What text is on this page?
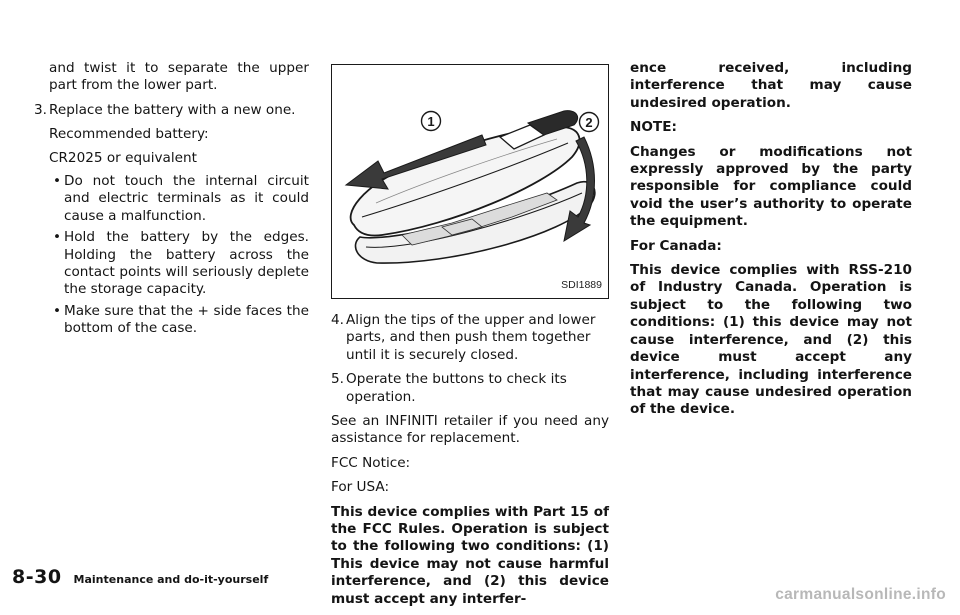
and twist it to separate the upper part from the lower part.

3. Replace the battery with a new one.
Recommended battery:
CR2025 or equivalent
• Do not touch the internal circuit and electric terminals as it could cause a malfunction.
• Hold the battery by the edges. Holding the battery across the contact points will seriously deplete the storage capacity.
• Make sure that the + side faces the bottom of the case.
1	2
SDI1889
4. Align the tips of the upper and lower parts, and then push them together until it is securely closed.
5. Operate the buttons to check its operation.

See an INFINITI retailer if you need any assistance for replacement.

FCC Notice:

For USA:

This device complies with Part 15 of the FCC Rules. Operation is subject to the following two conditions: (1) This device may not cause harmful interference, and (2) this device must accept any interfer-

ence received, including interference that may cause undesired operation.

NOTE:

Changes or modifications not expressly approved by the party responsible for compliance could void the user’s authority to operate the equipment.

For Canada:

This device complies with RSS-210 of Industry Canada. Operation is subject to the following two conditions: (1) this device may not cause interference, and (2) this device must accept any interference, including interference that may cause undesired operation of the device.

8-30 Maintenance and do-it-yourself
carmanualsonline.info
